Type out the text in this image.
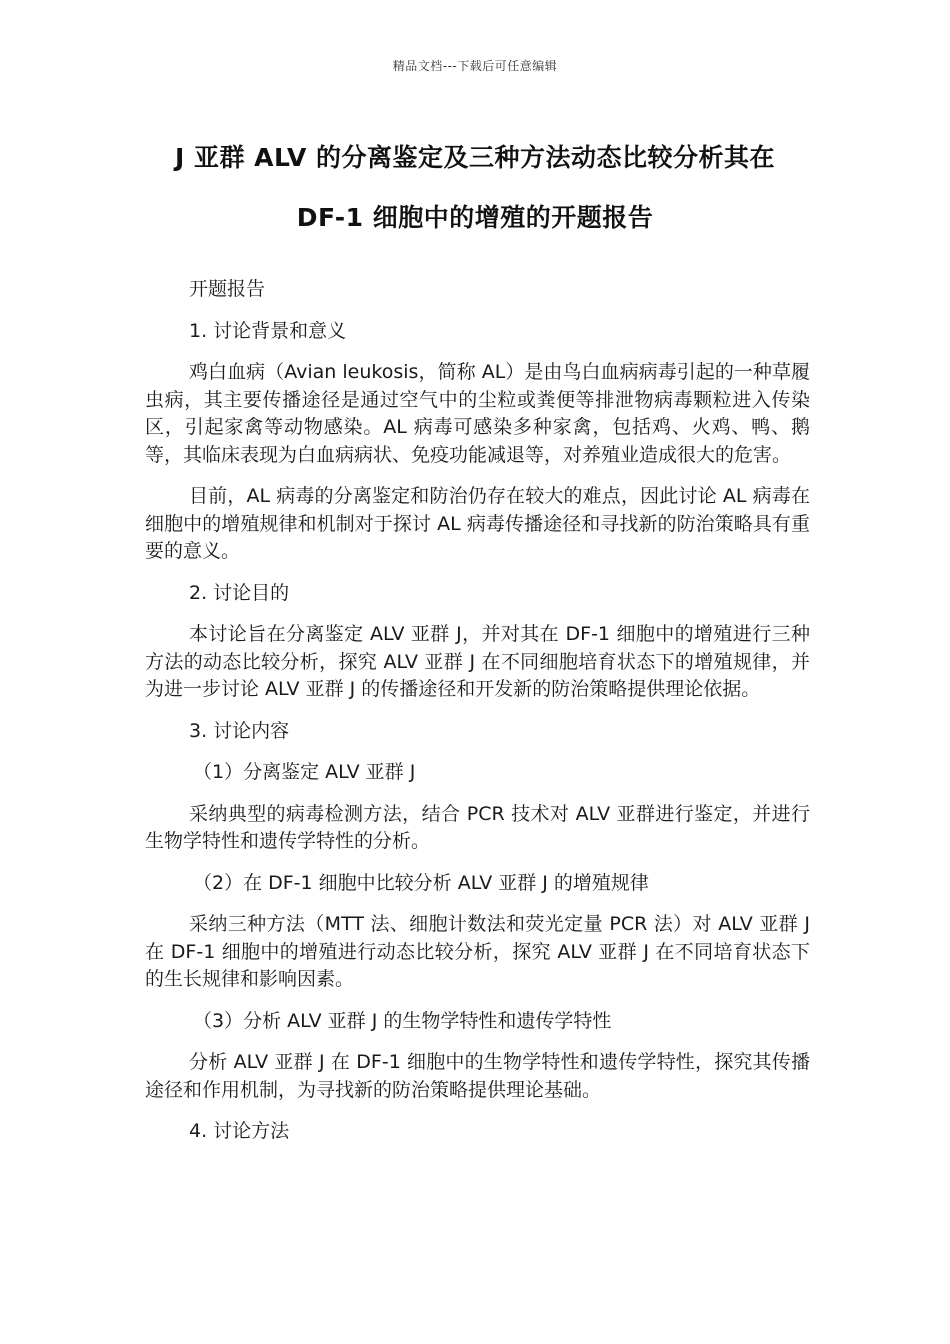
精品文档---下载后可任意编辑
J 亚群 ALV 的分离鉴定及三种方法动态比较分析其在
DF-1 细胞中的增殖的开题报告

开题报告

1. 讨论背景和意义

鸡白血病（Avian leukosis，简称 AL）是由鸟白血病病毒引起的一种草履虫病，其主要传播途径是通过空气中的尘粒或粪便等排泄物病毒颗粒进入传染区，引起家禽等动物感染。AL 病毒可感染多种家禽，包括鸡、火鸡、鸭、鹅等，其临床表现为白血病病状、免疫功能减退等，对养殖业造成很大的危害。

目前，AL 病毒的分离鉴定和防治仍存在较大的难点，因此讨论 AL 病毒在细胞中的增殖规律和机制对于探讨 AL 病毒传播途径和寻找新的防治策略具有重要的意义。

2. 讨论目的

本讨论旨在分离鉴定 ALV 亚群 J，并对其在 DF-1 细胞中的增殖进行三种方法的动态比较分析，探究 ALV 亚群 J 在不同细胞培育状态下的增殖规律，并为进一步讨论 ALV 亚群 J 的传播途径和开发新的防治策略提供理论依据。

3. 讨论内容

（1）分离鉴定 ALV 亚群 J

采纳典型的病毒检测方法，结合 PCR 技术对 ALV 亚群进行鉴定，并进行生物学特性和遗传学特性的分析。

（2）在 DF-1 细胞中比较分析 ALV 亚群 J 的增殖规律

采纳三种方法（MTT 法、细胞计数法和荧光定量 PCR 法）对 ALV 亚群 J 在 DF-1 细胞中的增殖进行动态比较分析，探究 ALV 亚群 J 在不同培育状态下的生长规律和影响因素。

（3）分析 ALV 亚群 J 的生物学特性和遗传学特性

分析 ALV 亚群 J 在 DF-1 细胞中的生物学特性和遗传学特性，探究其传播途径和作用机制，为寻找新的防治策略提供理论基础。

4. 讨论方法
